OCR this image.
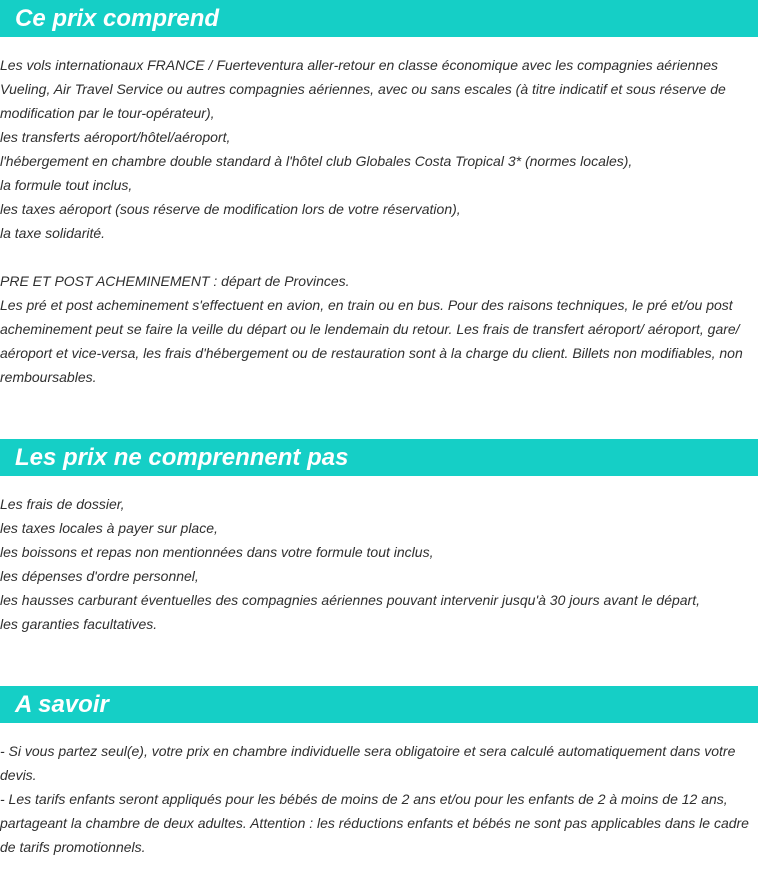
Ce prix comprend

Les vols internationaux FRANCE / Fuerteventura aller-retour en classe économique avec les compagnies aériennes Vueling, Air Travel Service ou autres compagnies aériennes, avec ou sans escales (à titre indicatif et sous réserve de modification par le tour-opérateur),

les transferts aéroport/hôtel/aéroport,

l'hébergement en chambre double standard à l'hôtel club Globales Costa Tropical 3* (normes locales),

la formule tout inclus,

les taxes aéroport (sous réserve de modification lors de votre réservation),

la taxe solidarité.

PRE ET POST ACHEMINEMENT : départ de Provinces.

Les pré et post acheminement s'effectuent en avion, en train ou en bus. Pour des raisons techniques, le pré et/ou post acheminement peut se faire la veille du départ ou le lendemain du retour. Les frais de transfert aéroport/ aéroport, gare/ aéroport et vice-versa, les frais d'hébergement ou de restauration sont à la charge du client. Billets non modifiables, non remboursables.

Les prix ne comprennent pas

Les frais de dossier,

les taxes locales à payer sur place,

les boissons et repas non mentionnées dans votre formule tout inclus,

les dépenses d'ordre personnel,

les hausses carburant éventuelles des compagnies aériennes pouvant intervenir jusqu'à 30 jours avant le départ,

les garanties facultatives.

A savoir

- Si vous partez seul(e), votre prix en chambre individuelle sera obligatoire et sera calculé automatiquement dans votre devis.

- Les tarifs enfants seront appliqués pour les bébés de moins de 2 ans et/ou pour les enfants de 2 à moins de 12 ans, partageant la chambre de deux adultes. Attention : les réductions enfants et bébés ne sont pas applicables dans le cadre de tarifs promotionnels.
